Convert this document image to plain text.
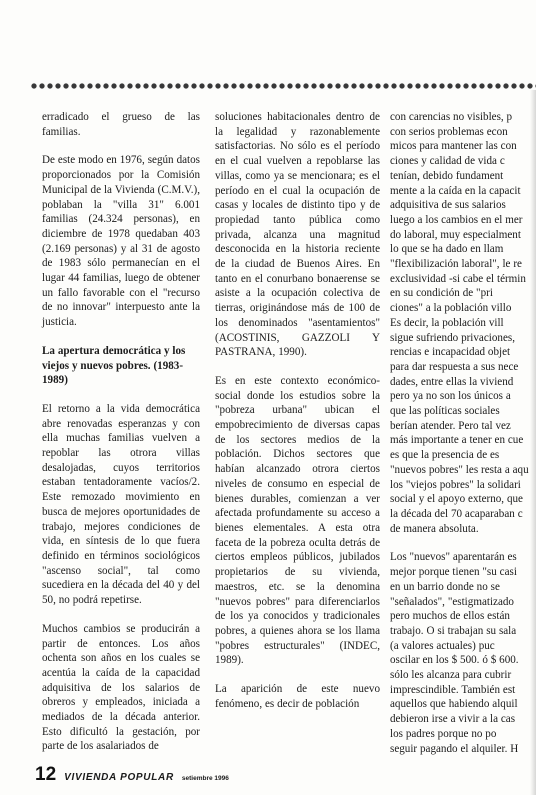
erradicado el grueso de las familias.

De este modo en 1976, según datos proporcionados por la Comisión Municipal de la Vivienda (C.M.V.), poblaban la "villa 31" 6.001 familias (24.324 personas), en diciembre de 1978 quedaban 403 (2.169 personas) y al 31 de agosto de 1983 sólo permanecían en el lugar 44 familias, luego de obtener un fallo favorable con el "recurso de no innovar" interpuesto ante la justicia.

La apertura democrática y los viejos y nuevos pobres. (1983-1989)

El retorno a la vida democrática abre renovadas esperanzas y con ella muchas familias vuelven a repoblar las otrora villas desalojadas, cuyos territorios estaban tentadoramente vacíos/2. Este remozado movimiento en busca de mejores oportunidades de trabajo, mejores condiciones de vida, en síntesis de lo que fuera definido en términos sociológicos "ascenso social", tal como sucediera en la década del 40 y del 50, no podrá repetirse.

Muchos cambios se producirán a partir de entonces. Los años ochenta son años en los cuales se acentúa la caída de la capacidad adquisitiva de los salarios de obreros y empleados, iniciada a mediados de la década anterior. Esto dificultó la gestación, por parte de los asalariados de

soluciones habitacionales dentro de la legalidad y razonablemente satisfactorias. No sólo es el período en el cual vuelven a repoblarse las villas, como ya se mencionara; es el período en el cual la ocupación de casas y locales de distinto tipo y de propiedad tanto pública como privada, alcanza una magnitud desconocida en la historia reciente de la ciudad de Buenos Aires. En tanto en el conurbano bonaerense se asiste a la ocupación colectiva de tierras, originándose más de 100 de los denominados "asentamientos" (ACOSTINIS, GAZZOLI Y PASTRANA, 1990).

Es en este contexto económico-social donde los estudios sobre la "pobreza urbana" ubican el empobrecimiento de diversas capas de los sectores medios de la población. Dichos sectores que habían alcanzado otrora ciertos niveles de consumo en especial de bienes durables, comienzan a ver afectada profundamente su acceso a bienes elementales. A esta otra faceta de la pobreza oculta detrás de ciertos empleos públicos, jubilados propietarios de su vivienda, maestros, etc. se la denomina "nuevos pobres" para diferenciarlos de los ya conocidos y tradicionales pobres, a quienes ahora se los llama "pobres estructurales" (INDEC, 1989).

La aparición de este nuevo fenómeno, es decir de población

con carencias no visibles, p
con serios problemas econ
micos para mantener las con
ciones y calidad de vida c
tenían, debido fundament
mente a la caída en la capacit
adquisitiva de sus salarios
luego a los cambios en el mer
do laboral, muy especialment
lo que se ha dado en llam
"flexibilización laboral", le re
exclusividad -si cabe el términ
en su condición de "pri
ciones" a la población villo
Es decir, la población vill
sigue sufriendo privaciones,
rencias e incapacidad objet
para dar respuesta a sus nece
dades, entre ellas la viviend
pero ya no son los únicos a
que las políticas sociales
berían atender. Pero tal vez
más importante a tener en cue
es que la presencia de es
"nuevos pobres" les resta a aqu
los "viejos pobres" la solidari
social y el apoyo externo, que
la década del 70 acaparaban c
de manera absoluta.
Los "nuevos" aparentarán es
mejor porque tienen "su casi
en un barrio donde no se
"señalados", "estigmatizado
pero muchos de ellos están
trabajo. O si trabajan su sala
(a valores actuales) puc
oscilar en los $ 500. ó $ 600.
sólo les alcanza para cubrir
imprescindible. También est
aquellos que habiendo alquil
debieron irse a vivir a la cas
los padres porque no po
seguir pagando el alquiler. H
12 VIVIENDA POPULAR setiembre 1996
